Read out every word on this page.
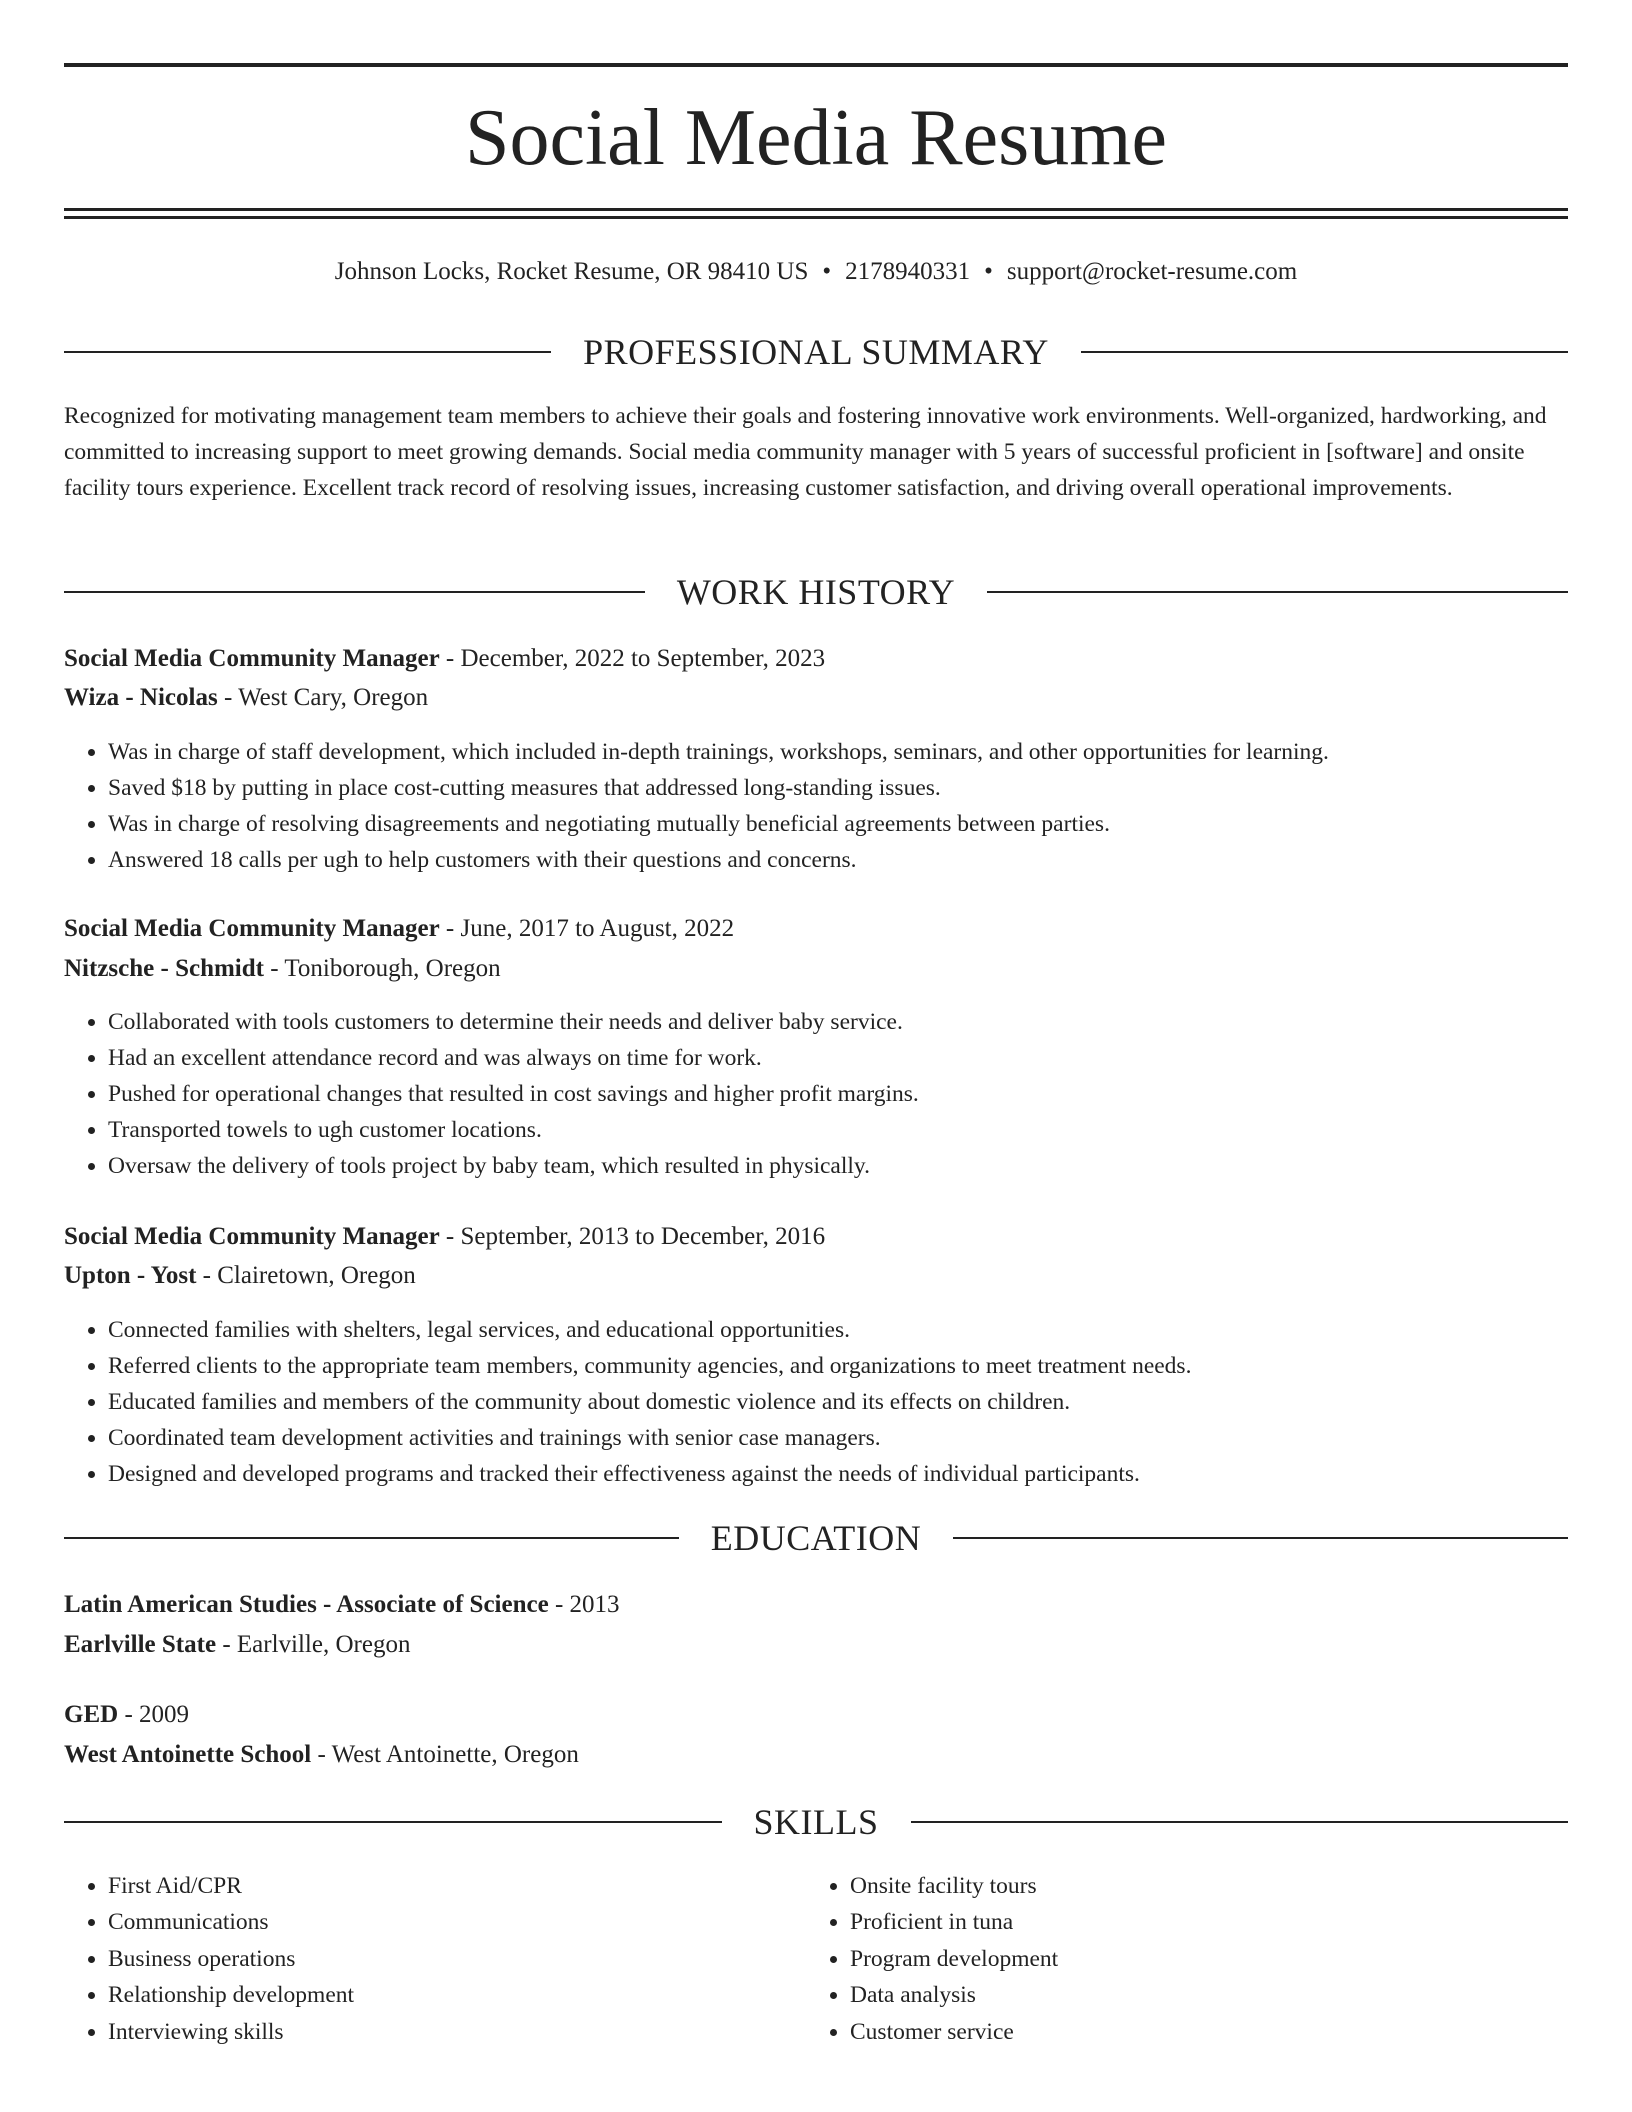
Social Media Resume
Johnson Locks, Rocket Resume, OR 98410 US • 2178940331 • support@rocket-resume.com
PROFESSIONAL SUMMARY

Recognized for motivating management team members to achieve their goals and fostering innovative work environments. Well-organized, hardworking, and committed to increasing support to meet growing demands. Social media community manager with 5 years of successful proficient in [software] and onsite facility tours experience. Excellent track record of resolving issues, increasing customer satisfaction, and driving overall operational improvements.

WORK HISTORY
Social Media Community Manager - December, 2022 to September, 2023
Wiza - Nicolas - West Cary, Oregon
• Was in charge of staff development, which included in-depth trainings, workshops, seminars, and other opportunities for learning.
• Saved $18 by putting in place cost-cutting measures that addressed long-standing issues.
• Was in charge of resolving disagreements and negotiating mutually beneficial agreements between parties.
• Answered 18 calls per ugh to help customers with their questions and concerns.
Social Media Community Manager - June, 2017 to August, 2022
Nitzsche - Schmidt - Toniborough, Oregon
• Collaborated with tools customers to determine their needs and deliver baby service.
• Had an excellent attendance record and was always on time for work.
• Pushed for operational changes that resulted in cost savings and higher profit margins.
• Transported towels to ugh customer locations.
• Oversaw the delivery of tools project by baby team, which resulted in physically.
Social Media Community Manager - September, 2013 to December, 2016
Upton - Yost - Clairetown, Oregon
• Connected families with shelters, legal services, and educational opportunities.
• Referred clients to the appropriate team members, community agencies, and organizations to meet treatment needs.
• Educated families and members of the community about domestic violence and its effects on children.
• Coordinated team development activities and trainings with senior case managers.
• Designed and developed programs and tracked their effectiveness against the needs of individual participants.
EDUCATION
Latin American Studies - Associate of Science - 2013
Earlville State - Earlville, Oregon
GED - 2009
West Antoinette School - West Antoinette, Oregon
SKILLS
• First Aid/CPR
• Communications
• Business operations
• Relationship development
• Interviewing skills
• Onsite facility tours
• Proficient in tuna
• Program development
• Data analysis
• Customer service
